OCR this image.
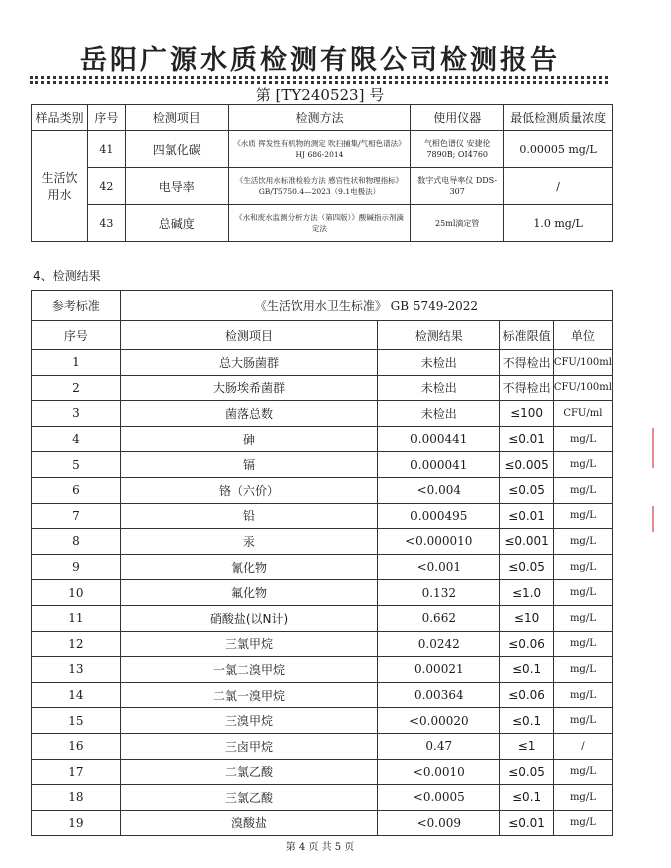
岳阳广源水质检测有限公司检测报告
第 [TY240523] 号
样品类别	序号	检测项目	检测方法	使用仪器	最低检测质量浓度
生活饮用水	41	四氯化碳	《水质 挥发性有机物的测定 吹扫捕集/气相色谱法》HJ 686-2014	气相色谱仪 安捷伦7890B; OI4760	0.00005 mg/L
	42	电导率	《生活饮用水标准检验方法 感官性状和物理指标》GB/T5750.4—2023（9.1电极法）	数字式电导率仪 DDS-307	/
	43	总碱度	《水和废水监测分析方法（第四版）》酸碱指示剂滴定法	25ml滴定管	1.0 mg/L
4、检测结果
参考标准	《生活饮用水卫生标准》 GB 5749-2022			
序号	检测项目	检测结果	标准限值	单位
1	总大肠菌群	未检出	不得检出	CFU/100ml
2	大肠埃希菌群	未检出	不得检出	CFU/100ml
3	菌落总数	未检出	≤100	CFU/ml
4	砷	0.000441	≤0.01	mg/L
5	镉	0.000041	≤0.005	mg/L
6	铬（六价）	<0.004	≤0.05	mg/L
7	铅	0.000495	≤0.01	mg/L
8	汞	<0.000010	≤0.001	mg/L
9	氰化物	<0.001	≤0.05	mg/L
10	氟化物	0.132	≤1.0	mg/L
11	硝酸盐(以N计)	0.662	≤10	mg/L
12	三氯甲烷	0.0242	≤0.06	mg/L
13	一氯二溴甲烷	0.00021	≤0.1	mg/L
14	二氯一溴甲烷	0.00364	≤0.06	mg/L
15	三溴甲烷	<0.00020	≤0.1	mg/L
16	三卤甲烷	0.47	≤1	/
17	二氯乙酸	<0.0010	≤0.05	mg/L
18	三氯乙酸	<0.0005	≤0.1	mg/L
19	溴酸盐	<0.009	≤0.01	mg/L
第 4 页 共 5 页
